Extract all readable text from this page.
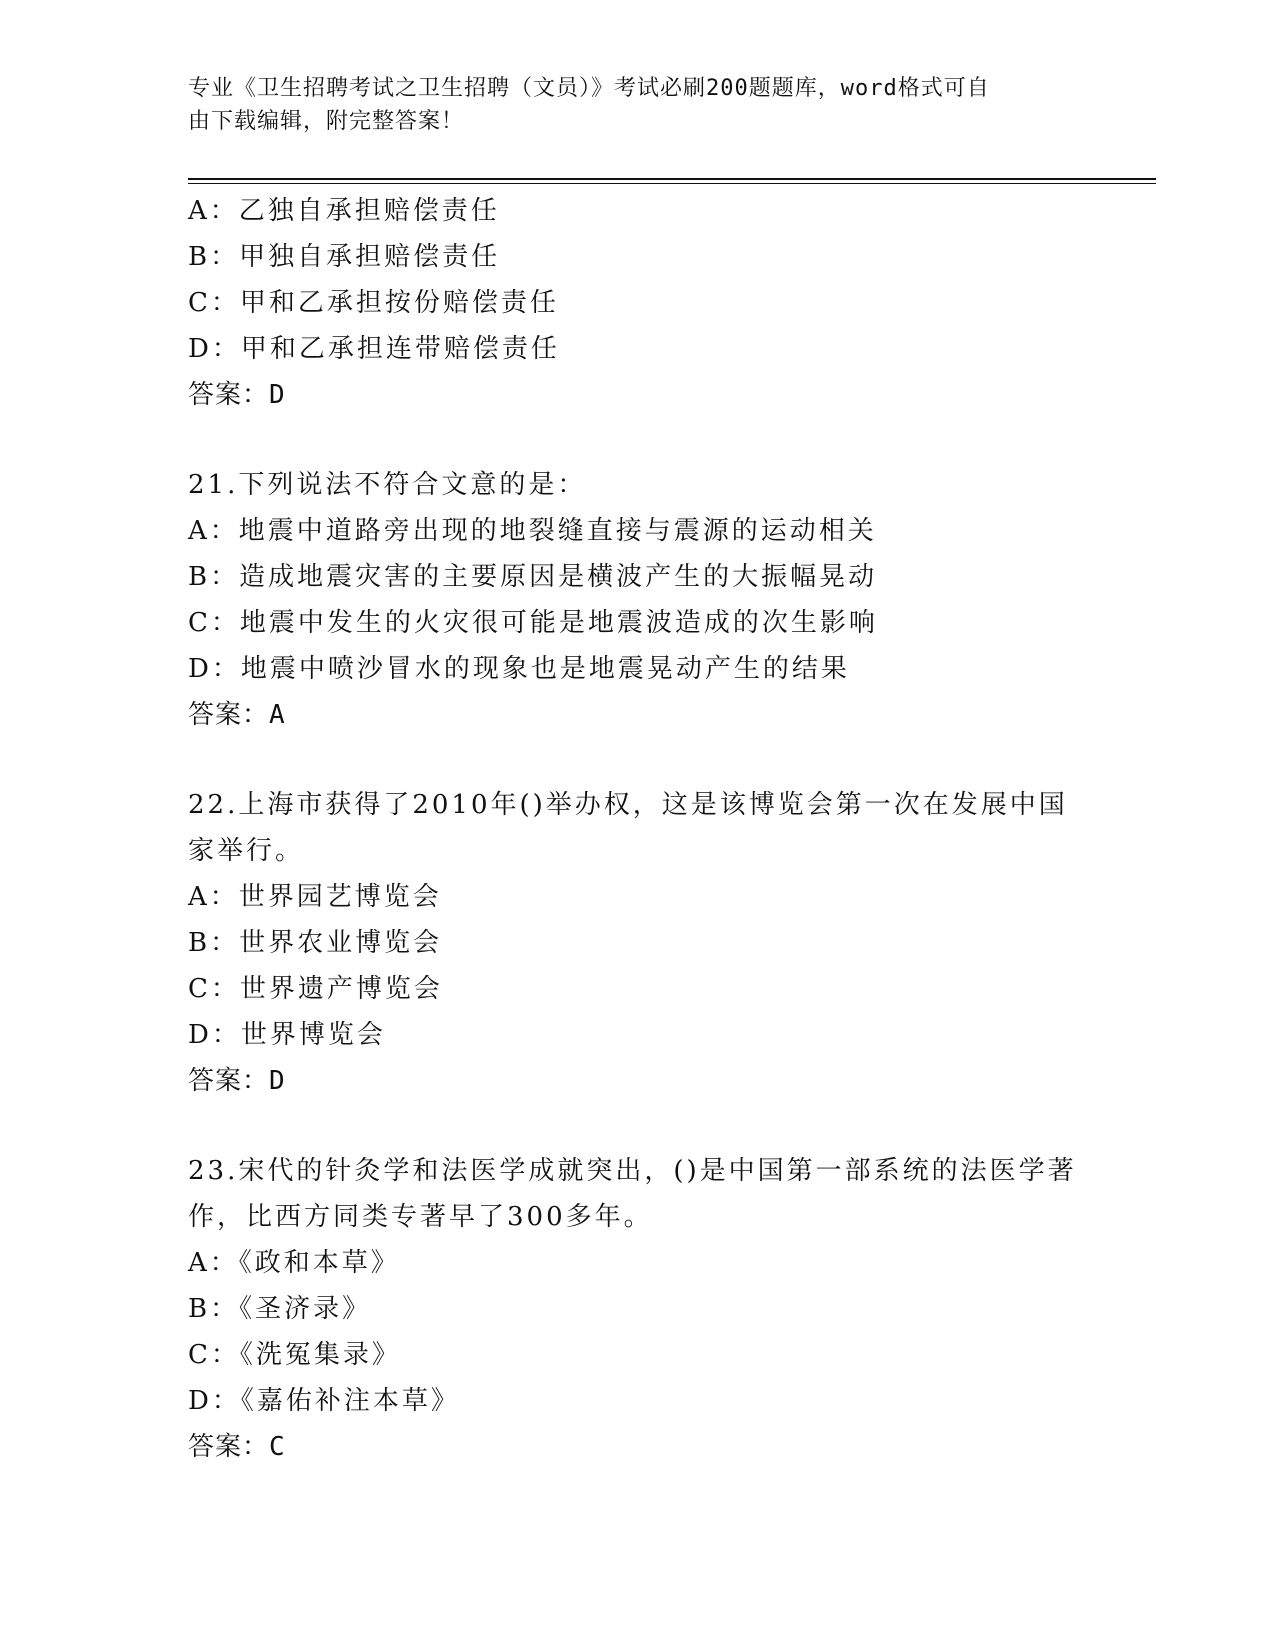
专业《卫生招聘考试之卫生招聘（文员）》考试必刷200题题库，word格式可自
由下载编辑，附完整答案！
A：乙独自承担赔偿责任
B：甲独自承担赔偿责任
C：甲和乙承担按份赔偿责任
D：甲和乙承担连带赔偿责任
答案：D
21.下列说法不符合文意的是：
A：地震中道路旁出现的地裂缝直接与震源的运动相关
B：造成地震灾害的主要原因是横波产生的大振幅晃动
C：地震中发生的火灾很可能是地震波造成的次生影响
D：地震中喷沙冒水的现象也是地震晃动产生的结果
答案：A
22.上海市获得了2010年()举办权，这是该博览会第一次在发展中国
家举行。
A：世界园艺博览会
B：世界农业博览会
C：世界遗产博览会
D：世界博览会
答案：D
23.宋代的针灸学和法医学成就突出，()是中国第一部系统的法医学著
作，比西方同类专著早了300多年。
A：《政和本草》
B：《圣济录》
C：《洗冤集录》
D：《嘉佑补注本草》
答案：C
